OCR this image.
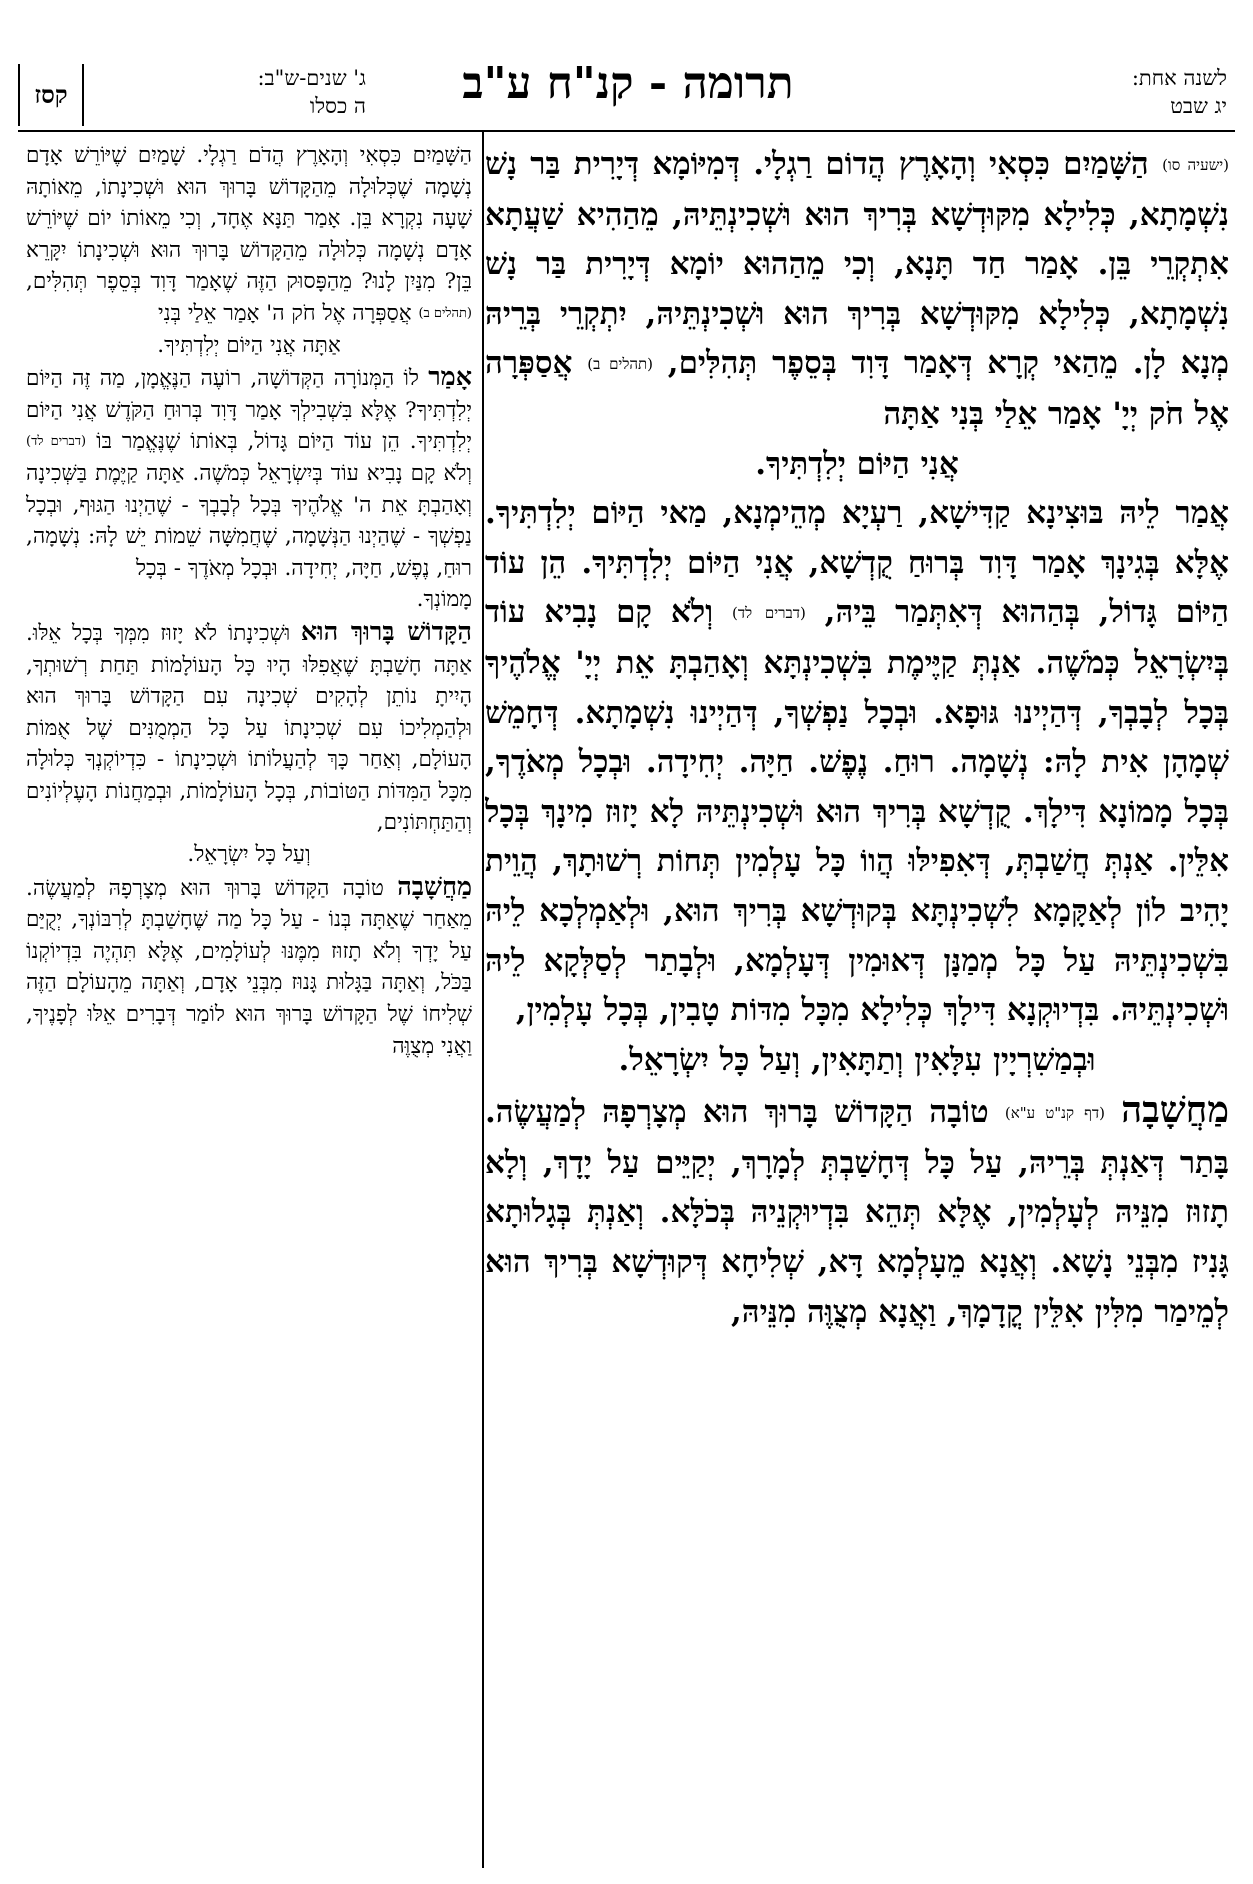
לשנה אחת:
יג שבט
תרומה - קנ"ח ע"ב
ג' שנים-ש"ב:
ה כסלו
קסז

(ישעיה סו) הַשָּׁמַיִם כִּסְאִי וְהָאָרֶץ הֲדוֹם רַגְלָי. דְּמִיּוֹמָא דְּיָרִית בַּר נָשׁ נִשְׁמָתָא, כְּלִילָא מִקּוּדְשָׁא בְּרִיךְ הוּא וּשְׁכִינְתֵּיהּ, מֵהַהִיא שַׁעֲתָא אִתְקְרֵי בֵּן. אָמַר חַד תָּנָא, וְכִי מֵהַהוּא יוֹמָא דְּיָרִית בַּר נָשׁ נִשְׁמָתָא, כְּלִילָא מִקּוּדְשָׁא בְּרִיךְ הוּא וּשְׁכִינְתֵּיהּ, יִתְקְרֵי בְּרֵיהּ מְנָא לָן. מֵהַאי קְרָא דְּאָמַר דָּוִד בְּסֵפֶר תְּהִלִּים, (תהלים ב) אֲסַפְּרָה אֶל חֹק יְיָ' אָמַר אֵלַי בְּנִי אַתָּה

אֲנִי הַיּוֹם יְלִדְתִּיךָ.

אֲמַר לֵיהּ בּוּצִינָא קַדִּישָׁא, רַעְיָא מְהֵימְנָא, מַאי הַיּוֹם יְלִדְתִּיךָ. אֶלָּא בְּגִינָךְ אָמַר דָּוִד בְּרוּחַ קֻדְשָׁא, אֲנִי הַיּוֹם יְלִדְתִּיךָ. הֵן עוֹד הַיּוֹם גָּדוֹל, בְּהַהוּא דְּאִתְּמַר בֵּיהּ, (דברים לד) וְלֹא קָם נָבִיא עוֹד בְּיִשְׂרָאֵל כְּמֹשֶׁה. אַנְתְּ קַיֶּימֶת בִּשְׁכִינְתָּא וְאָהַבְתָּ אֵת יְיָ' אֱלֹהֶיךָ בְּכָל לְבָבְךָ, דְּהַיְינוּ גּוּפָא. וּבְכָל נַפְשְׁךָ, דְּהַיְינוּ נִשְׁמָתָא. דְּחָמֵשׁ שְׁמָהָן אִית לָהּ: נְשָׁמָה. רוּחַ. נֶפֶשׁ. חַיָּה. יְחִידָה. וּבְכָל מְאֹדֶךָ, בְּכָל מָמוֹנָא דִּילָךְ. קֻדְשָׁא בְּרִיךְ הוּא וּשְׁכִינְתֵּיהּ לָא יָזוּז מִינָךְ בְּכָל אִלֵּין. אַנְתְּ חֲשַׁבְתְּ, דְּאִפִילּוּ הֲווֹ כָּל עָלְמִין תְּחוֹת רְשׁוּתָךְ, הֲוֵית יָהִיב לוֹן לְאַקָּמָא לִשְׁכִינְתָּא בְּקוּדְשָׁא בְּרִיךְ הוּא, וּלְאַמְלְכָא לֵיהּ בִּשְׁכִינְתֵּיהּ עַל כָּל מְמַנָּן דְּאוּמִין דְּעָלְמָא, וּלְבָתַר לְסַלְּקָא לֵיהּ וּשְׁכִינְתֵּיהּ. בִּדְיוּקְנָא דִּילָךְ כְּלִילָא מִכָּל מִדּוֹת טָבִין, בְּכָל עָלְמִין,

וּבְמַשִׁרְיָין עִלָּאִין וְתַתָּאִין, וְעַל כָּל יִשְׂרָאֵל.

מַחֲשָׁבָה (דף קנ"ט ע"א) טוֹבָה הַקָּדוֹשׁ בָּרוּךְ הוּא מְצָרְפָהּ לְמַעֲשֶׂה. בָּתַר דְּאַנְתְּ בְּרֵיהּ, עַל כָּל דְּחָשַׁבְתְּ לְמָרָךְ, יְקַיֵּים עַל יָדָךְ, וְלָא תָזוּז מִנֵּיהּ לְעָלְמִין, אֶלָּא תְּהֵא בִּדְיוּקְנֵיהּ בְּכֹלָּא. וְאַנְתְּ בְּגָלוּתָא גָּנִיז מִבְּנֵי נָשָׁא. וְאֲנָא מֵעָלְמָא דָּא, שְׁלִיחָא דְּקוּדְשָׁא בְּרִיךְ הוּא לְמֵימַר מִלִּין אִלֵּין קֳדָמָךְ, וַאֲנָא מְצֻוֶּה מִנֵּיהּ,

הַשָּׁמַיִם כִּסְאִי וְהָאָרֶץ הֲדֹם רַגְלָי. שָׁמַיִם שֶׁיּוֹרֵשׁ אָדָם נְשָׁמָה שֶׁכְּלוּלָה מֵהַקָּדוֹשׁ בָּרוּךְ הוּא וּשְׁכִינָתוֹ, מֵאוֹתָהּ שָׁעָה נִקְרָא בֵּן. אָמַר תַּנָּא אֶחָד, וְכִי מֵאוֹתוֹ יוֹם שֶׁיּוֹרֵשׁ אָדָם נְשָׁמָה כְּלוּלָה מֵהַקָּדוֹשׁ בָּרוּךְ הוּא וּשְׁכִינָתוֹ יִקָּרֵא בֵּן? מִנַּיִן לָנוּ? מֵהַפָּסוּק הַזֶּה שֶׁאָמַר דָּוִד בְּסֵפֶר תְּהִלִּים, (תהלים ב) אֲסַפְּרָה אֶל חֹק ה' אָמַר אֵלַי בְּנִי

אַתָּה אֲנִי הַיּוֹם יְלִדְתִּיךָ.

אָמַר לוֹ הַמְּנוֹרָה הַקְּדוֹשָׁה, רוֹעֶה הַנֶּאֱמָן, מַה זֶּה הַיּוֹם יְלִדְתִּיךָ? אֶלָּא בִּשְׁבִילְךָ אָמַר דָּוִד בְּרוּחַ הַקֹּדֶשׁ אֲנִי הַיּוֹם יְלִדְתִּיךָ. הֵן עוֹד הַיּוֹם גָּדוֹל, בְּאוֹתוֹ שֶׁנֶּאֱמַר בּוֹ (דברים לד) וְלֹא קָם נָבִיא עוֹד בְּיִשְׂרָאֵל כְּמֹשֶׁה. אַתָּה קַיֶּמֶת בַּשְּׁכִינָה וְאָהַבְתָּ אֵת ה' אֱלֹהֶיךָ בְּכָל לְבָבְךָ - שֶׁהַיְנוּ הַגּוּף, וּבְכָל נַפְשְׁךָ - שֶׁהַיְנוּ הַנְּשָׁמָה, שֶׁחֲמִשָּׁה שֵׁמוֹת יֵשׁ לָהּ: נְשָׁמָה, רוּחַ, נֶפֶשׁ, חַיָּה, יְחִידָה. וּבְכָל מְאֹדֶךָ - בְּכָל

מָמוֹנְךָ.

הַקָּדוֹשׁ בָּרוּךְ הוּא וּשְׁכִינָתוֹ לֹא יָזוּז מִמְּךָ בְּכָל אֵלּוּ. אַתָּה חָשַׁבְתָּ שֶׁאֲפִלּוּ הָיוּ כָּל הָעוֹלָמוֹת תַּחַת רְשׁוּתְךָ, הָיִיתָ נוֹתֵן לְהָקִים שְׁכִינָה עִם הַקָּדוֹשׁ בָּרוּךְ הוּא וּלְהַמְלִיכוֹ עִם שְׁכִינָתוֹ עַל כָּל הַמְמֻנִּים שֶׁל אֻמּוֹת הָעוֹלָם, וְאַחַר כָּךְ לְהַעֲלוֹתוֹ וּשְׁכִינָתוֹ - כִּדְיוֹקְנְךָ כְּלוּלָה מִכָּל הַמִּדּוֹת הַטּוֹבוֹת, בְּכָל הָעוֹלָמוֹת, וּבְמַחֲנוֹת הָעֶלְיוֹנִים וְהַתַּחְתּוֹנִים,

וְעַל כָּל יִשְׂרָאֵל.

מַחֲשָׁבָה טוֹבָה הַקָּדוֹשׁ בָּרוּךְ הוּא מְצָרְפָהּ לְמַעֲשֶׂה. מֵאַחַר שֶׁאַתָּה בְּנוֹ - עַל כָּל מַה שֶּׁחָשַׁבְתָּ לְרִבּוֹנְךָ, יְקֻיַּם עַל יָדְךָ וְלֹא תָזוּז מִמֶּנּוּ לְעוֹלָמִים, אֶלָּא תִּהְיֶה בִּדְיוֹקְנוֹ בַּכֹּל, וְאַתָּה בַּגָּלוּת גָּנוּז מִבְּנֵי אָדָם, וְאַתָּה מֵהָעוֹלָם הַזֶּה שְׁלִיחוֹ שֶׁל הַקָּדוֹשׁ בָּרוּךְ הוּא לוֹמַר דְּבָרִים אֵלּוּ לְפָנֶיךָ, וַאֲנִי מְצֻוֶּה
